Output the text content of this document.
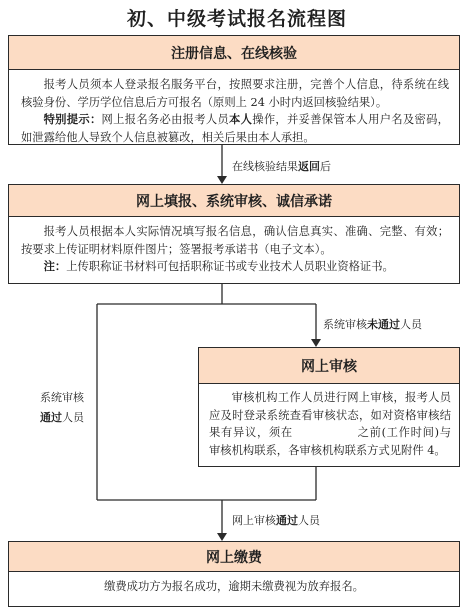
初、中级考试报名流程图
注册信息、在线核验

报考人员须本人登录报名服务平台，按照要求注册，完善个人信息，待系统在线核验身份、学历学位信息后方可报名（原则上 24 小时内返回核验结果）。

特别提示：网上报名务必由报考人员本人操作，并妥善保管本人用户名及密码，如泄露给他人导致个人信息被篡改，相关后果由本人承担。

在线核验结果返回后
网上填报、系统审核、诚信承诺

报考人员根据本人实际情况填写报名信息，确认信息真实、准确、完整、有效；按要求上传证明材料原件图片；签署报考承诺书（电子文本）。

注：上传职称证书材料可包括职称证书或专业技术人员职业资格证书。

系统审核未通过人员
系统审核
通过人员
网上审核

审核机构工作人员进行网上审核，报考人员应及时登录系统查看审核状态，如对资格审核结果有异议，须在	之前(工作时间)与审核机构联系，各审核机构联系方式见附件 4。

网上审核通过人员
网上缴费

缴费成功方为报名成功，逾期未缴费视为放弃报名。
